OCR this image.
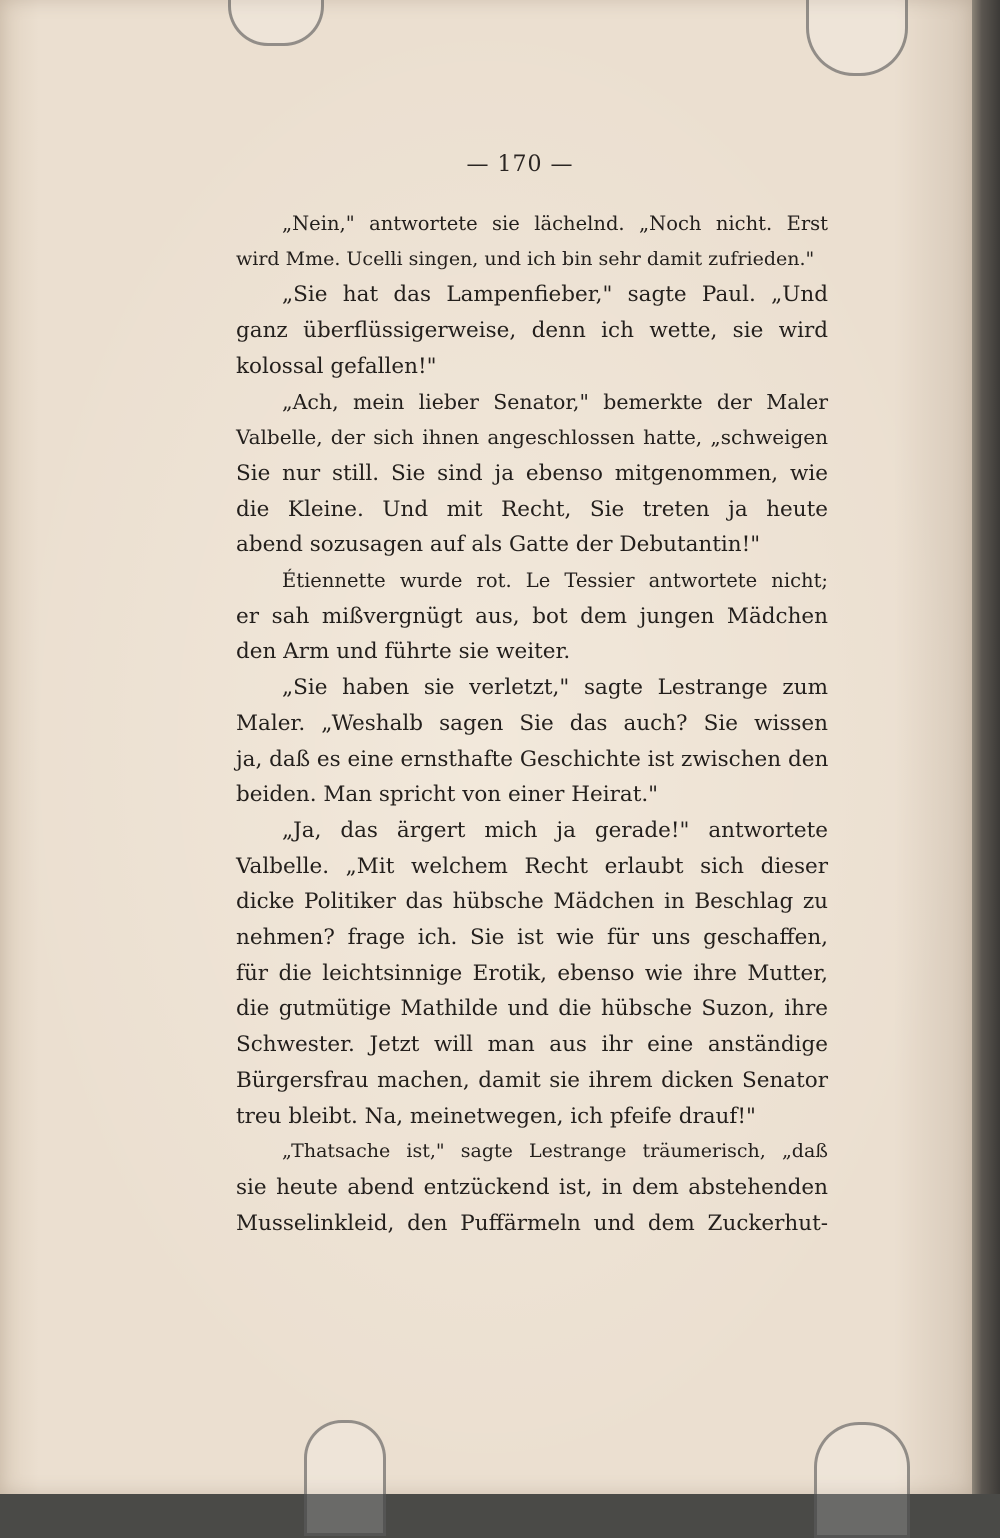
— 170 —
„Nein," antwortete sie lächelnd. „Noch nicht. Erst
wird Mme. Ucelli singen, und ich bin sehr damit zufrieden."
„Sie hat das Lampenfieber," sagte Paul. „Und
ganz überflüssigerweise, denn ich wette, sie wird
kolossal gefallen!"
„Ach, mein lieber Senator," bemerkte der Maler
Valbelle, der sich ihnen angeschlossen hatte, „schweigen
Sie nur still. Sie sind ja ebenso mitgenommen, wie
die Kleine. Und mit Recht, Sie treten ja heute
abend sozusagen auf als Gatte der Debutantin!"
Étiennette wurde rot. Le Tessier antwortete nicht;
er sah mißvergnügt aus, bot dem jungen Mädchen
den Arm und führte sie weiter.
„Sie haben sie verletzt," sagte Lestrange zum
Maler. „Weshalb sagen Sie das auch? Sie wissen
ja, daß es eine ernsthafte Geschichte ist zwischen den
beiden. Man spricht von einer Heirat."
„Ja, das ärgert mich ja gerade!" antwortete
Valbelle. „Mit welchem Recht erlaubt sich dieser
dicke Politiker das hübsche Mädchen in Beschlag zu
nehmen? frage ich. Sie ist wie für uns geschaffen,
für die leichtsinnige Erotik, ebenso wie ihre Mutter,
die gutmütige Mathilde und die hübsche Suzon, ihre
Schwester. Jetzt will man aus ihr eine anständige
Bürgersfrau machen, damit sie ihrem dicken Senator
treu bleibt. Na, meinetwegen, ich pfeife drauf!"
„Thatsache ist," sagte Lestrange träumerisch, „daß
sie heute abend entzückend ist, in dem abstehenden
Musselinkleid, den Puffärmeln und dem Zuckerhut-
